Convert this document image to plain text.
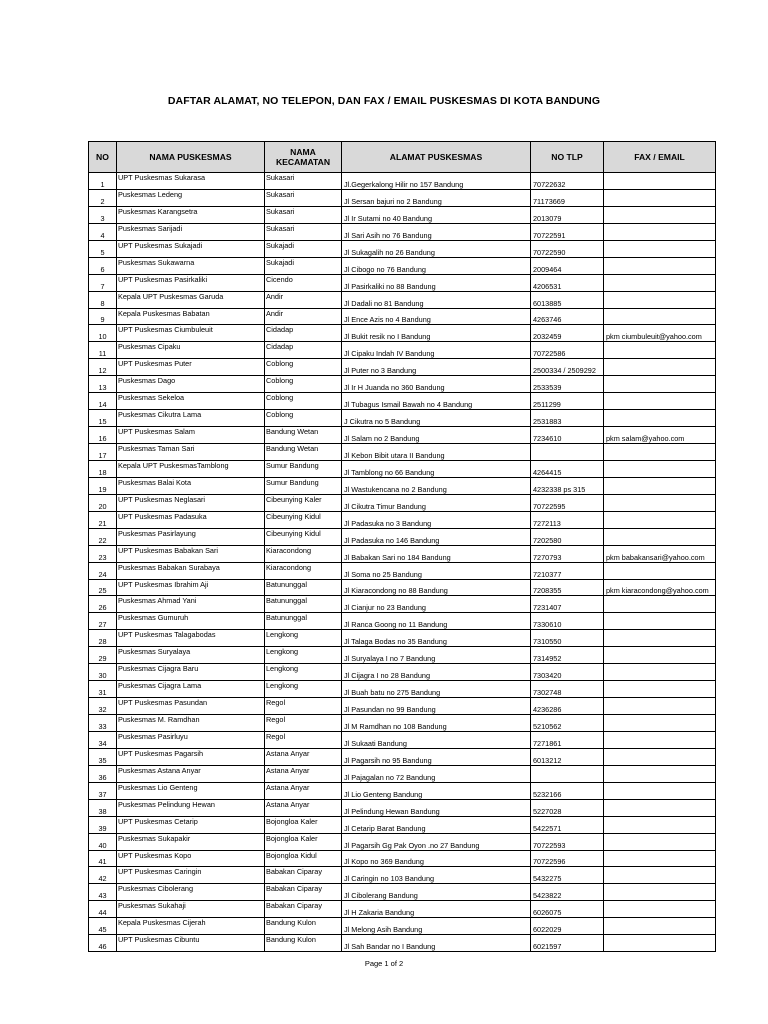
DAFTAR ALAMAT, NO TELEPON, DAN FAX / EMAIL PUSKESMAS DI KOTA BANDUNG
NO	NAMA PUSKESMAS	NAMA
KECAMATAN	ALAMAT PUSKESMAS	NO TLP	FAX / EMAIL
1	UPT Puskesmas Sukarasa	Sukasari	Jl.Gegerkalong Hilir no 157 Bandung	70722632	
2	Puskesmas Ledeng	Sukasari	Jl Sersan bajuri no 2 Bandung	71173669	
3	Puskesmas Karangsetra	Sukasari	Jl Ir Sutami no 40 Bandung	2013079	
4	Puskesmas Sarijadi	Sukasari	Jl Sari Asih no 76 Bandung	70722591	
5	UPT Puskesmas Sukajadi	Sukajadi	Jl Sukagalih no 26 Bandung	70722590	
6	Puskesmas Sukawarna	Sukajadi	Jl Cibogo no 76 Bandung	2009464	
7	UPT Puskesmas Pasirkaliki	Cicendo	Jl Pasirkaliki no 88 Bandung	4206531	
8	Kepala UPT Puskesmas Garuda	Andir	Jl Dadali no 81 Bandung	6013885	
9	Kepala Puskesmas Babatan	Andir	Jl Ence Azis no 4 Bandung	4263746	
10	UPT Puskesmas Ciumbuleuit	Cidadap	Jl Bukit resik no I Bandung	2032459	pkm ciumbuleuit@yahoo.com
11	Puskesmas Cipaku	Cidadap	Jl Cipaku Indah IV Bandung	70722586	
12	UPT Puskesmas Puter	Coblong	Jl Puter no 3 Bandung	2500334 / 2509292	
13	Puskesmas Dago	Coblong	Jl Ir H Juanda no 360 Bandung	2533539	
14	Puskesmas Sekeloa	Coblong	Jl Tubagus Ismail Bawah no 4 Bandung	2511299	
15	Puskesmas Cikutra Lama	Coblong	J Cikutra no 5 Bandung	2531883	
16	UPT Puskesmas Salam	Bandung Wetan	Jl Salam no 2 Bandung	7234610	pkm salam@yahoo.com
17	Puskesmas Taman Sari	Bandung Wetan	Jl Kebon Bibit utara II Bandung		
18	Kepala UPT PuskesmasTamblong	Sumur Bandung	Jl Tamblong no 66 Bandung	4264415	
19	Puskesmas Balai Kota	Sumur Bandung	Jl Wastukencana no 2 Bandung	4232338 ps 315	
20	UPT Puskesmas Neglasari	Cibeunying Kaler	Jl Cikutra Timur Bandung	70722595	
21	UPT Puskesmas Padasuka	Cibeunying Kidul	Jl Padasuka no 3 Bandung	7272113	
22	Puskesmas Pasirlayung	Cibeunying Kidul	Jl Padasuka no 146 Bandung	7202580	
23	UPT Puskesmas Babakan Sari	Kiaracondong	Jl Babakan Sari no 184 Bandung	7270793	pkm babakansari@yahoo.com
24	Puskesmas Babakan Surabaya	Kiaracondong	Jl Soma no 25 Bandung	7210377	
25	UPT Puskesmas Ibrahim Aji	Batununggal	Jl Kiaracondong no 88 Bandung	7208355	pkm kiaracondong@yahoo.com
26	Puskesmas Ahmad Yani	Batununggal	Jl Cianjur no 23 Bandung	7231407	
27	Puskesmas Gumuruh	Batununggal	Jl Ranca Goong no 11 Bandung	7330610	
28	UPT Puskesmas Talagabodas	Lengkong	Jl Talaga Bodas no 35 Bandung	7310550	
29	Puskesmas Suryalaya	Lengkong	Jl Suryalaya I no 7 Bandung	7314952	
30	Puskesmas Cijagra Baru	Lengkong	Jl Cijagra I no 28 Bandung	7303420	
31	Puskesmas Cijagra Lama	Lengkong	Jl Buah batu no 275 Bandung	7302748	
32	UPT Puskesmas Pasundan	Regol	Jl Pasundan no 99 Bandung	4236286	
33	Puskesmas M. Ramdhan	Regol	Jl M Ramdhan no 108 Bandung	5210562	
34	Puskesmas Pasirluyu	Regol	Jl Sukaati Bandung	7271861	
35	UPT Puskesmas Pagarsih	Astana Anyar	Jl Pagarsih no 95 Bandung	6013212	
36	Puskesmas Astana Anyar	Astana Anyar	Jl Pajagalan no 72 Bandung		
37	Puskesmas Lio Genteng	Astana Anyar	Jl Lio Genteng Bandung	5232166	
38	Puskesmas Pelindung Hewan	Astana Anyar	Jl Pelindung Hewan Bandung	5227028	
39	UPT Puskesmas Cetarip	Bojongloa Kaler	Jl Cetarip Barat Bandung	5422571	
40	Puskesmas Sukapakir	Bojongloa Kaler	Jl Pagarsih Gg Pak Oyon .no 27 Bandung	70722593	
41	UPT Puskesmas Kopo	Bojongloa Kidul	Jl Kopo no 369 Bandung	70722596	
42	UPT Puskesmas Caringin	Babakan Ciparay	Jl Caringin no 103 Bandung	5432275	
43	Puskesmas Cibolerang	Babakan Ciparay	Jl Cibolerang Bandung	5423822	
44	Puskesmas Sukahaji	Babakan Ciparay	Jl H Zakaria Bandung	6026075	
45	Kepala Puskesmas Cijerah	Bandung Kulon	Jl Melong Asih Bandung	6022029	
46	UPT Puskesmas Cibuntu	Bandung Kulon	Jl Sah Bandar no I Bandung	6021597	
Page 1 of 2
